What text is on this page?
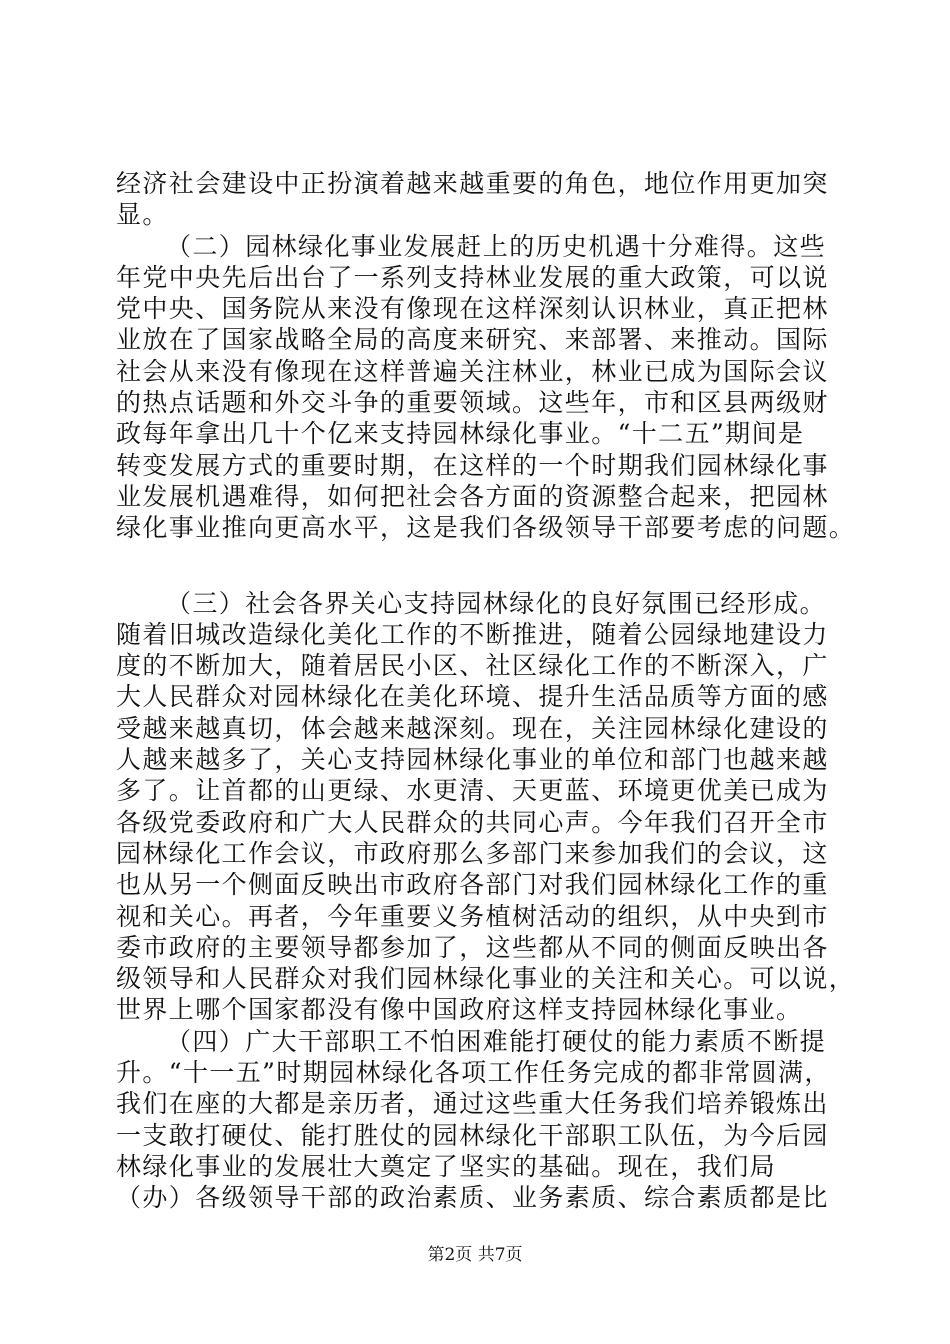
经济社会建设中正扮演着越来越重要的角色，地位作用更加突
显。
（二）园林绿化事业发展赶上的历史机遇十分难得。这些
年党中央先后出台了一系列支持林业发展的重大政策，可以说
党中央、国务院从来没有像现在这样深刻认识林业，真正把林
业放在了国家战略全局的高度来研究、来部署、来推动。国际
社会从来没有像现在这样普遍关注林业，林业已成为国际会议
的热点话题和外交斗争的重要领域。这些年，市和区县两级财
政每年拿出几十个亿来支持园林绿化事业。“十二五”期间是
转变发展方式的重要时期，在这样的一个时期我们园林绿化事
业发展机遇难得，如何把社会各方面的资源整合起来，把园林
绿化事业推向更高水平，这是我们各级领导干部要考虑的问题。
（三）社会各界关心支持园林绿化的良好氛围已经形成。
随着旧城改造绿化美化工作的不断推进，随着公园绿地建设力
度的不断加大，随着居民小区、社区绿化工作的不断深入，广
大人民群众对园林绿化在美化环境、提升生活品质等方面的感
受越来越真切，体会越来越深刻。现在，关注园林绿化建设的
人越来越多了，关心支持园林绿化事业的单位和部门也越来越
多了。让首都的山更绿、水更清、天更蓝、环境更优美已成为
各级党委政府和广大人民群众的共同心声。今年我们召开全市
园林绿化工作会议，市政府那么多部门来参加我们的会议，这
也从另一个侧面反映出市政府各部门对我们园林绿化工作的重
视和关心。再者，今年重要义务植树活动的组织，从中央到市
委市政府的主要领导都参加了，这些都从不同的侧面反映出各
级领导和人民群众对我们园林绿化事业的关注和关心。可以说，
世界上哪个国家都没有像中国政府这样支持园林绿化事业。
（四）广大干部职工不怕困难能打硬仗的能力素质不断提
升。“十一五”时期园林绿化各项工作任务完成的都非常圆满，
我们在座的大都是亲历者，通过这些重大任务我们培养锻炼出
一支敢打硬仗、能打胜仗的园林绿化干部职工队伍，为今后园
林绿化事业的发展壮大奠定了坚实的基础。现在，我们局
（办）各级领导干部的政治素质、业务素质、综合素质都是比
第2页 共7页
